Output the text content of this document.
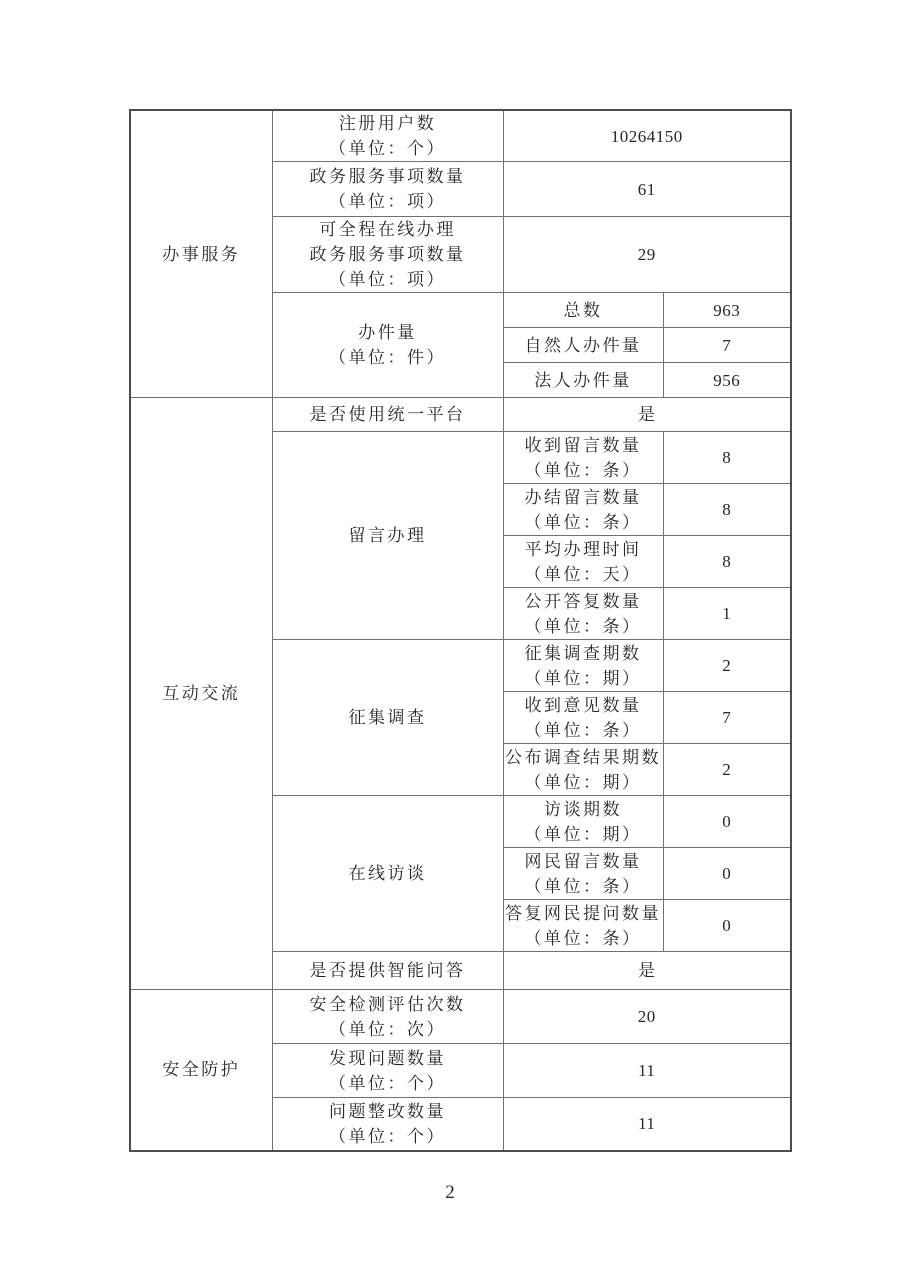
办事服务	注册用户数
（单位：个）	10264150	

	政务服务事项数量
（单位：项）	61	

	可全程在线办理
政务服务事项数量
（单位：项）	29	

	办件量
（单位：件）	总数	963

		自然人办件量	7

		法人办件量	956

互动交流	是否使用统一平台	是	

	留言办理	收到留言数量
（单位：条）	8

		办结留言数量
（单位：条）	8

		平均办理时间
（单位：天）	8

		公开答复数量
（单位：条）	1

	征集调查	征集调查期数
（单位：期）	2

		收到意见数量
（单位：条）	7

		公布调查结果期数
（单位：期）	2

	在线访谈	访谈期数
（单位：期）	0

		网民留言数量
（单位：条）	0

		答复网民提问数量
（单位：条）	0

	是否提供智能问答	是	

安全防护	安全检测评估次数
（单位：次）	20	

	发现问题数量
（单位：个）	11	

	问题整改数量
（单位：个）	11	
2
